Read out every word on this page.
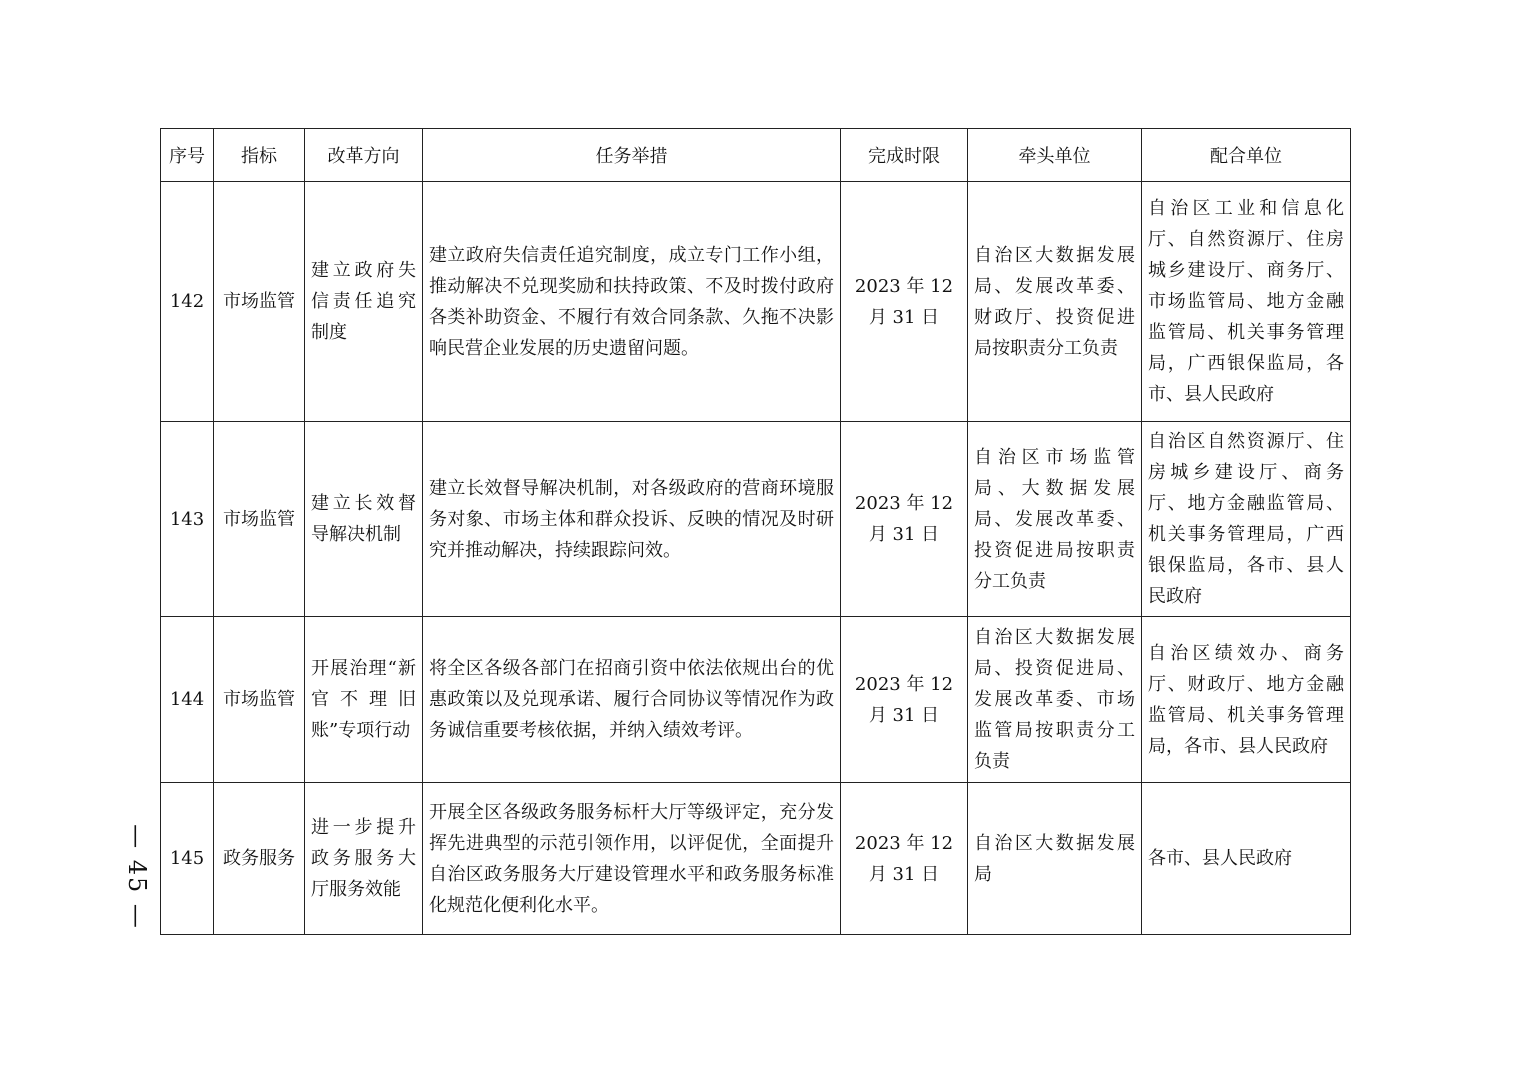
序号	指标	改革方向	任务举措	完成时限	牵头单位	配合单位
142	市场监管	建立政府失信责任追究制度	建立政府失信责任追究制度，成立专门工作小组，推动解决不兑现奖励和扶持政策、不及时拨付政府各类补助资金、不履行有效合同条款、久拖不决影响民营企业发展的历史遗留问题。	2023 年 12 月 31 日	自治区大数据发展局、发展改革委、财政厅、投资促进局按职责分工负责	自治区工业和信息化厅、自然资源厅、住房城乡建设厅、商务厅、市场监管局、地方金融监管局、机关事务管理局，广西银保监局，各市、县人民政府
143	市场监管	建立长效督导解决机制	建立长效督导解决机制，对各级政府的营商环境服务对象、市场主体和群众投诉、反映的情况及时研究并推动解决，持续跟踪问效。	2023 年 12 月 31 日	自治区市场监管局、大数据发展局、发展改革委、投资促进局按职责分工负责	自治区自然资源厅、住房城乡建设厅、商务厅、地方金融监管局、机关事务管理局，广西银保监局，各市、县人民政府
144	市场监管	开展治理“新官不理旧账”专项行动	将全区各级各部门在招商引资中依法依规出台的优惠政策以及兑现承诺、履行合同协议等情况作为政务诚信重要考核依据，并纳入绩效考评。	2023 年 12 月 31 日	自治区大数据发展局、投资促进局、发展改革委、市场监管局按职责分工负责	自治区绩效办、商务厅、财政厅、地方金融监管局、机关事务管理局，各市、县人民政府
145	政务服务	进一步提升政务服务大厅服务效能	开展全区各级政务服务标杆大厅等级评定，充分发挥先进典型的示范引领作用，以评促优，全面提升自治区政务服务大厅建设管理水平和政务服务标准化规范化便利化水平。	2023 年 12 月 31 日	自治区大数据发展局	各市、县人民政府
— 45 —
